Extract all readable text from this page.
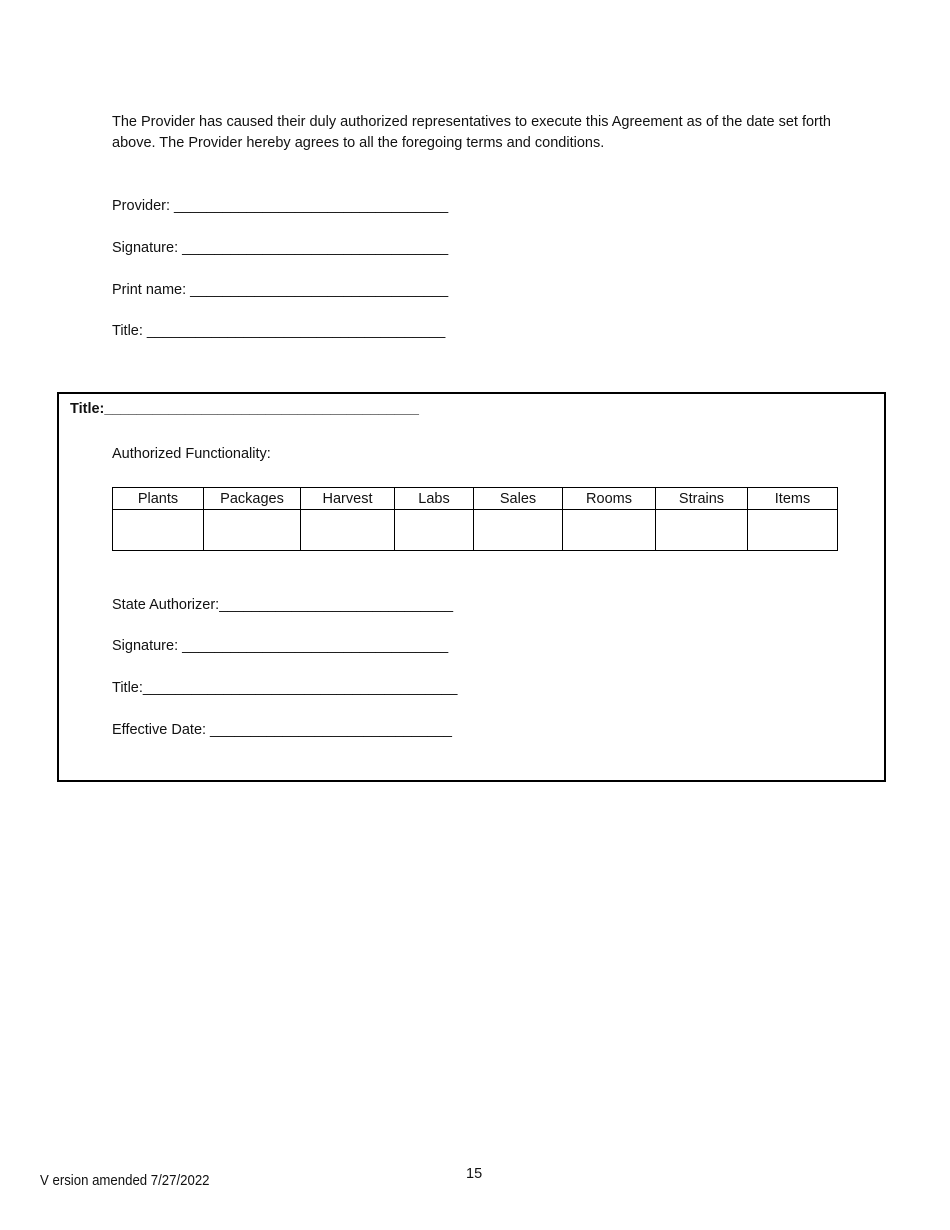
The Provider has caused their duly authorized representatives to execute this Agreement as of the date set forth above. The Provider hereby agrees to all the foregoing terms and conditions.
Provider: __________________________________
Signature: _________________________________
Print name: ________________________________
Title: _____________________________________
Title:_______________________________________
Authorized Functionality:
Plants	Packages	Harvest	Labs	Sales	Rooms	Strains	Items

State Authorizer:_____________________________
Signature: _________________________________
Title:_______________________________________
Effective Date: ______________________________
15
V ersion amended 7/27/2022
